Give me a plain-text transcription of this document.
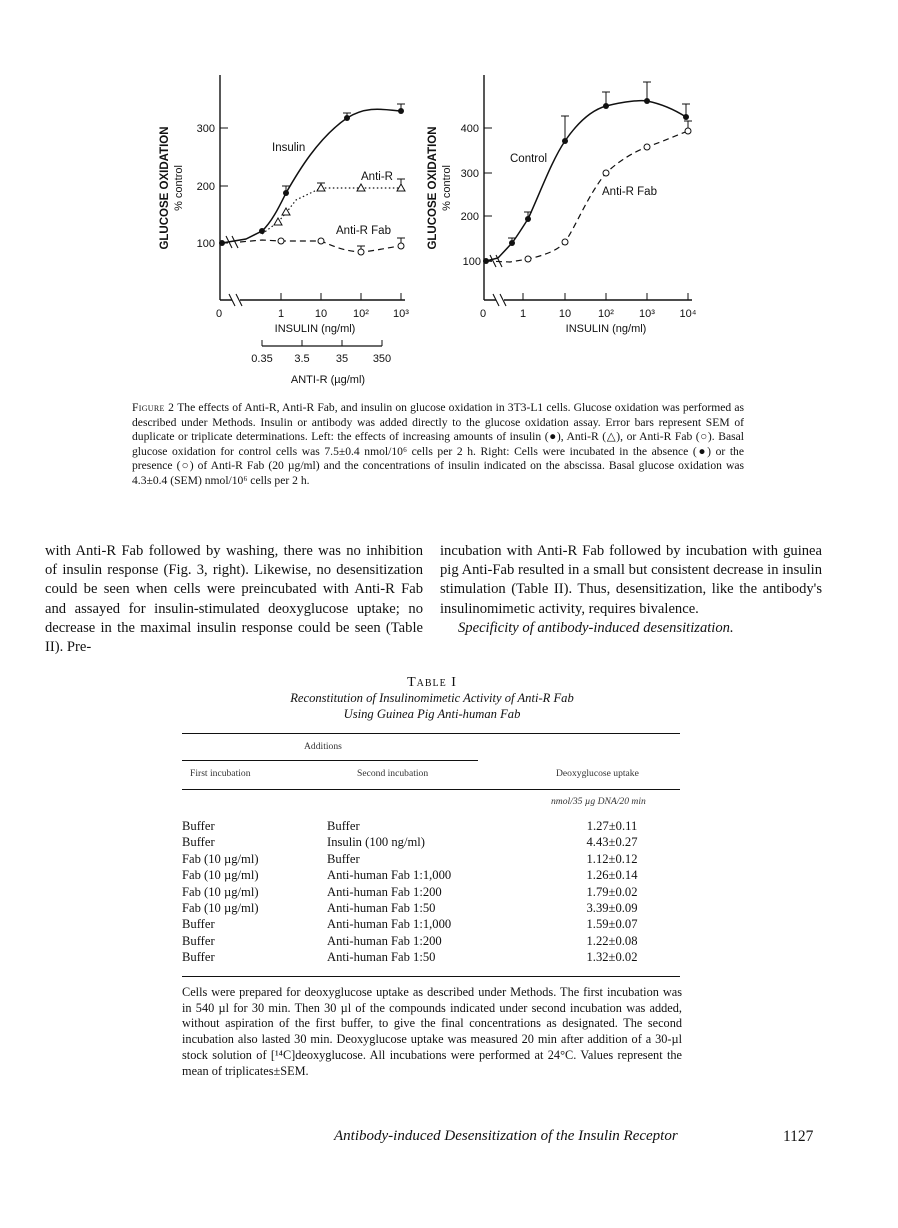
GLUCOSE OXIDATION % control
100
200
300
0	1	10 10² 10³
INSULIN (ng/ml)
0.35 3.5 35 350
ANTI-R (µg/ml)
Insulin
Anti-R
Anti-R Fab	GLUCOSE OXIDATION % control
100
200
300
400
0	1	10 10² 10³ 10⁴
INSULIN (ng/ml)
Control
Anti-R Fab
Figure 2 The effects of Anti-R, Anti-R Fab, and insulin on glucose oxidation in 3T3-L1 cells. Glucose oxidation was performed as described under Methods. Insulin or antibody was added directly to the glucose oxidation assay. Error bars represent SEM of duplicate or triplicate determinations. Left: the effects of increasing amounts of insulin (●), Anti-R (△), or Anti-R Fab (○). Basal glucose oxidation for control cells was 7.5±0.4 nmol/10⁶ cells per 2 h. Right: Cells were incubated in the absence (●) or the presence (○) of Anti-R Fab (20 µg/ml) and the concentrations of insulin indicated on the abscissa. Basal glucose oxidation was 4.3±0.4 (SEM) nmol/10⁶ cells per 2 h.

with Anti-R Fab followed by washing, there was no inhibition of insulin response (Fig. 3, right). Likewise, no desensitization could be seen when cells were preincubated with Anti-R Fab and assayed for insulin-stimulated deoxyglucose uptake; no decrease in the maximal insulin response could be seen (Table II). Pre-

incubation with Anti-R Fab followed by incubation with guinea pig Anti-Fab resulted in a small but consistent decrease in insulin stimulation (Table II). Thus, desensitization, like the antibody's insulinomimetic activity, requires bivalence.

Specificity of antibody-induced desensitization.

Table I
Reconstitution of Insulinomimetic Activity of Anti-R Fab
Using Guinea Pig Anti-human Fab
Additions
First incubation	Second incubation	Deoxyglucose uptake
nmol/35 µg DNA/20 min
Buffer	Buffer	1.27±0.11
Buffer	Insulin (100 ng/ml)	4.43±0.27
Fab (10 µg/ml)	Buffer	1.12±0.12
Fab (10 µg/ml)	Anti-human Fab 1:1,000	1.26±0.14
Fab (10 µg/ml)	Anti-human Fab 1:200	1.79±0.02
Fab (10 µg/ml)	Anti-human Fab 1:50	3.39±0.09
Buffer	Anti-human Fab 1:1,000	1.59±0.07
Buffer	Anti-human Fab 1:200	1.22±0.08
Buffer	Anti-human Fab 1:50	1.32±0.02
Cells were prepared for deoxyglucose uptake as described under Methods. The first incubation was in 540 µl for 30 min. Then 30 µl of the compounds indicated under second incubation was added, without aspiration of the first buffer, to give the final concentrations as designated. The second incubation also lasted 30 min. Deoxyglucose uptake was measured 20 min after addition of a 30-µl stock solution of [¹⁴C]deoxyglucose. All incubations were performed at 24°C. Values represent the mean of triplicates±SEM.
Antibody-induced Desensitization of the Insulin Receptor	1127
